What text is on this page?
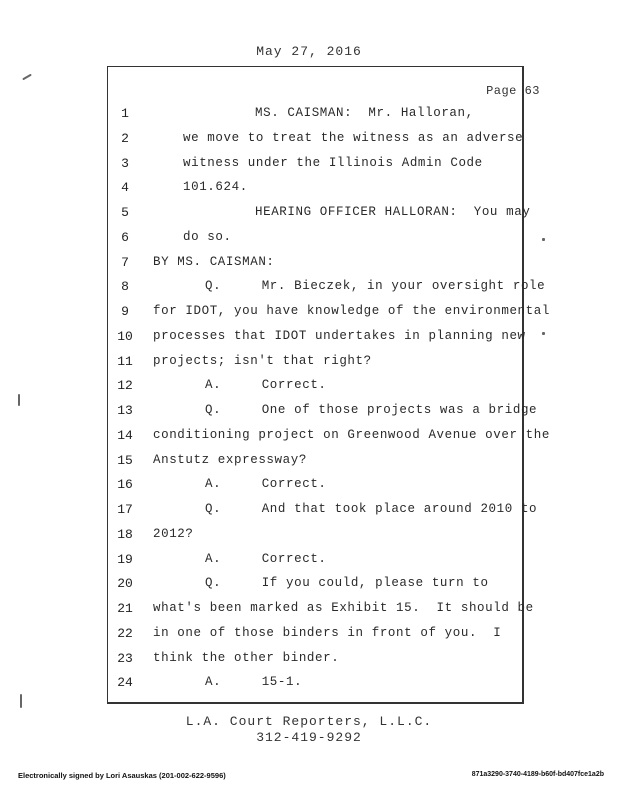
May 27, 2016
Page 63
1	MS. CAISMAN:  Mr. Halloran,
2	we move to treat the witness as an adverse
3	witness under the Illinois Admin Code
4	101.624.
5	HEARING OFFICER HALLORAN:  You may
6	do so.
7	BY MS. CAISMAN:
8	Q.     Mr. Bieczek, in your oversight role
9	for IDOT, you have knowledge of the environmental
10	processes that IDOT undertakes in planning new
11	projects; isn't that right?
12	A.     Correct.
13	Q.     One of those projects was a bridge
14	conditioning project on Greenwood Avenue over the
15	Anstutz expressway?
16	A.     Correct.
17	Q.     And that took place around 2010 to
18	2012?
19	A.     Correct.
20	Q.     If you could, please turn to
21	what's been marked as Exhibit 15.  It should be
22	in one of those binders in front of you.  I
23	think the other binder.
24	A.     15-1.
L.A. Court Reporters, L.L.C.
312-419-9292
Electronically signed by Lori Asauskas (201-002-622-9596)	871a3290-3740-4189-b60f-bd407fce1a2b
